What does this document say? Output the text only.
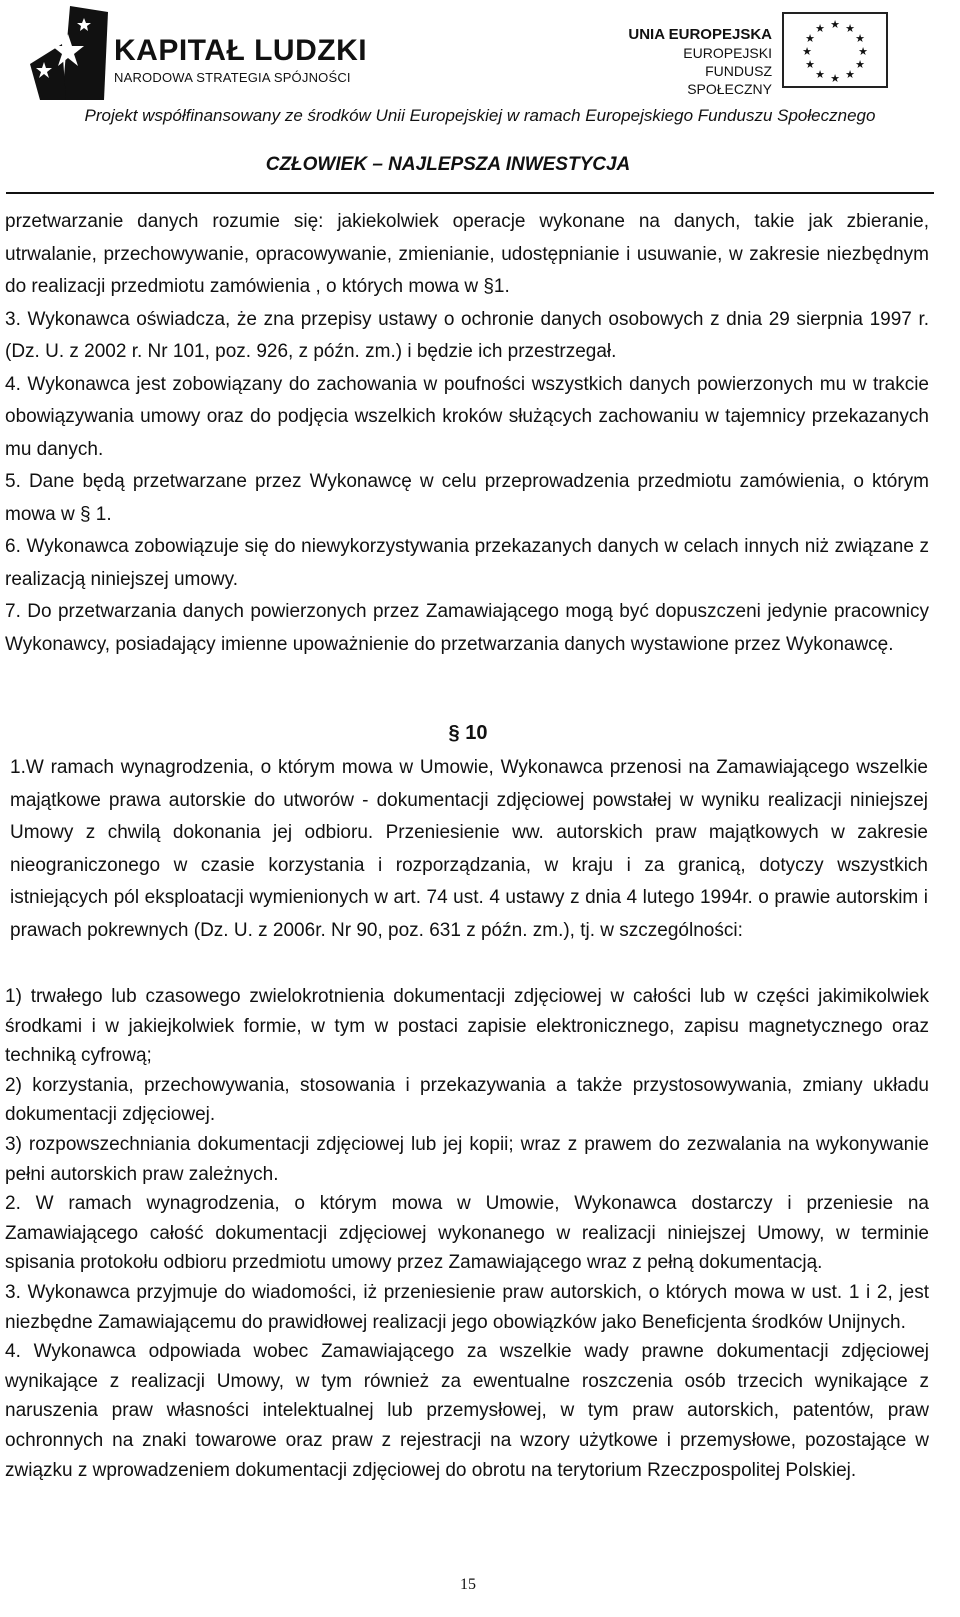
KAPITAŁ LUDZKI
NARODOWA STRATEGIA SPÓJNOŚCI
UNIA EUROPEJSKA
EUROPEJSKI
FUNDUSZ SPOŁECZNY
★ ★
★
★
★
★
★
★
★
★
★
★
Projekt współfinansowany ze środków Unii Europejskiej w ramach Europejskiego Funduszu Społecznego
CZŁOWIEK – NAJLEPSZA INWESTYCJA

przetwarzanie danych rozumie się: jakiekolwiek operacje wykonane na danych, takie jak zbieranie, utrwalanie, przechowywanie, opracowywanie, zmienianie, udostępnianie i usuwanie, w zakresie niezbędnym do realizacji przedmiotu zamówienia , o których mowa w §1.

3. Wykonawca oświadcza, że zna przepisy ustawy o ochronie danych osobowych z dnia 29 sierpnia 1997 r. (Dz. U. z 2002 r. Nr 101, poz. 926, z późn. zm.) i będzie ich przestrzegał.

4. Wykonawca jest zobowiązany do zachowania w poufności wszystkich danych powierzonych mu w trakcie obowiązywania umowy oraz do podjęcia wszelkich kroków służących zachowaniu w tajemnicy przekazanych mu danych.

5. Dane będą przetwarzane przez Wykonawcę w celu przeprowadzenia przedmiotu zamówienia, o którym mowa w § 1.

6. Wykonawca zobowiązuje się do niewykorzystywania przekazanych danych w celach innych niż związane z realizacją niniejszej umowy.

7. Do przetwarzania danych powierzonych przez Zamawiającego mogą być dopuszczeni jedynie pracownicy Wykonawcy, posiadający imienne upoważnienie do przetwarzania danych wystawione przez Wykonawcę.

§ 10

1.W ramach wynagrodzenia, o którym mowa w Umowie, Wykonawca przenosi na Zamawiającego wszelkie majątkowe prawa autorskie do utworów - dokumentacji zdjęciowej powstałej w wyniku realizacji niniejszej Umowy z chwilą dokonania jej odbioru. Przeniesienie ww. autorskich praw majątkowych w zakresie nieograniczonego w czasie korzystania i rozporządzania, w kraju i za granicą, dotyczy wszystkich istniejących pól eksploatacji wymienionych w art. 74 ust. 4 ustawy z dnia 4 lutego 1994r. o prawie autorskim i prawach pokrewnych (Dz. U. z 2006r. Nr 90, poz. 631 z późn. zm.), tj. w szczególności:

1) trwałego lub czasowego zwielokrotnienia dokumentacji zdjęciowej w całości lub w części jakimikolwiek środkami i w jakiejkolwiek formie, w tym w postaci zapisie elektronicznego, zapisu magnetycznego oraz techniką cyfrową;

2) korzystania, przechowywania, stosowania i przekazywania a także przystosowywania, zmiany układu dokumentacji zdjęciowej.

3) rozpowszechniania dokumentacji zdjęciowej lub jej kopii; wraz z prawem do zezwalania na wykonywanie pełni autorskich praw zależnych.

2. W ramach wynagrodzenia, o którym mowa w Umowie, Wykonawca dostarczy i przeniesie na Zamawiającego całość dokumentacji zdjęciowej wykonanego w realizacji niniejszej Umowy, w terminie spisania protokołu odbioru przedmiotu umowy przez Zamawiającego wraz z pełną dokumentacją.

3. Wykonawca przyjmuje do wiadomości, iż przeniesienie praw autorskich, o których mowa w ust. 1 i 2, jest niezbędne Zamawiającemu do prawidłowej realizacji jego obowiązków jako Beneficjenta środków Unijnych.

4. Wykonawca odpowiada wobec Zamawiającego za wszelkie wady prawne dokumentacji zdjęciowej wynikające z realizacji Umowy, w tym również za ewentualne roszczenia osób trzecich wynikające z naruszenia praw własności intelektualnej lub przemysłowej, w tym praw autorskich, patentów, praw ochronnych na znaki towarowe oraz praw z rejestracji na wzory użytkowe i przemysłowe, pozostające w związku z wprowadzeniem dokumentacji zdjęciowej do obrotu na terytorium Rzeczpospolitej Polskiej.

15
